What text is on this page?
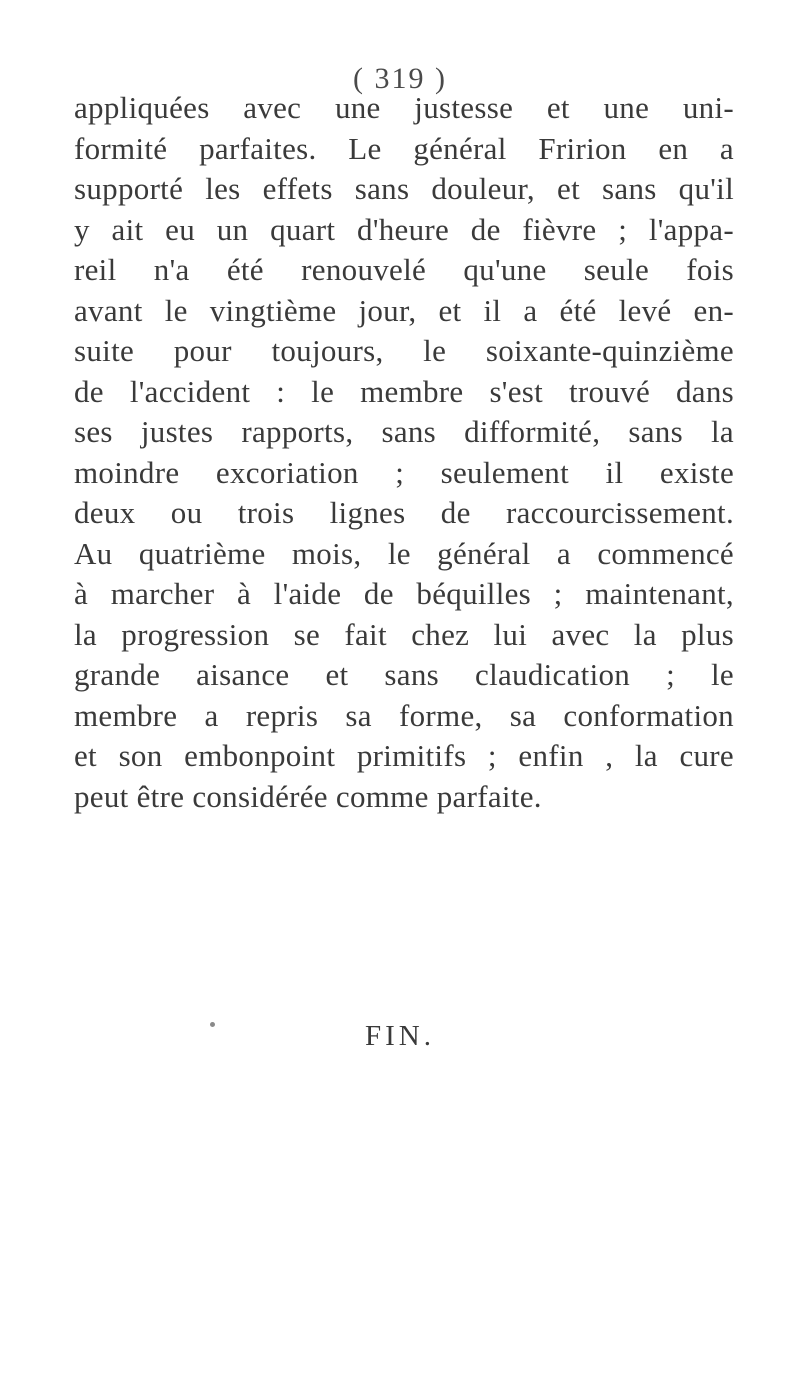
( 319 )
appliquées avec une justesse et une uni-
formité parfaites. Le général Fririon en a
supporté les effets sans douleur, et sans qu'il
y ait eu un quart d'heure de fièvre ; l'appa-
reil n'a été renouvelé qu'une seule fois
avant le vingtième jour, et il a été levé en-
suite pour toujours, le soixante-quinzième
de l'accident : le membre s'est trouvé dans
ses justes rapports, sans difformité, sans la
moindre excoriation ; seulement il existe
deux ou trois lignes de raccourcissement.
Au quatrième mois, le général a commencé
à marcher à l'aide de béquilles ; maintenant,
la progression se fait chez lui avec la plus
grande aisance et sans claudication ; le
membre a repris sa forme, sa conformation
et son embonpoint primitifs ; enfin , la cure
peut être considérée comme parfaite.
FIN.
